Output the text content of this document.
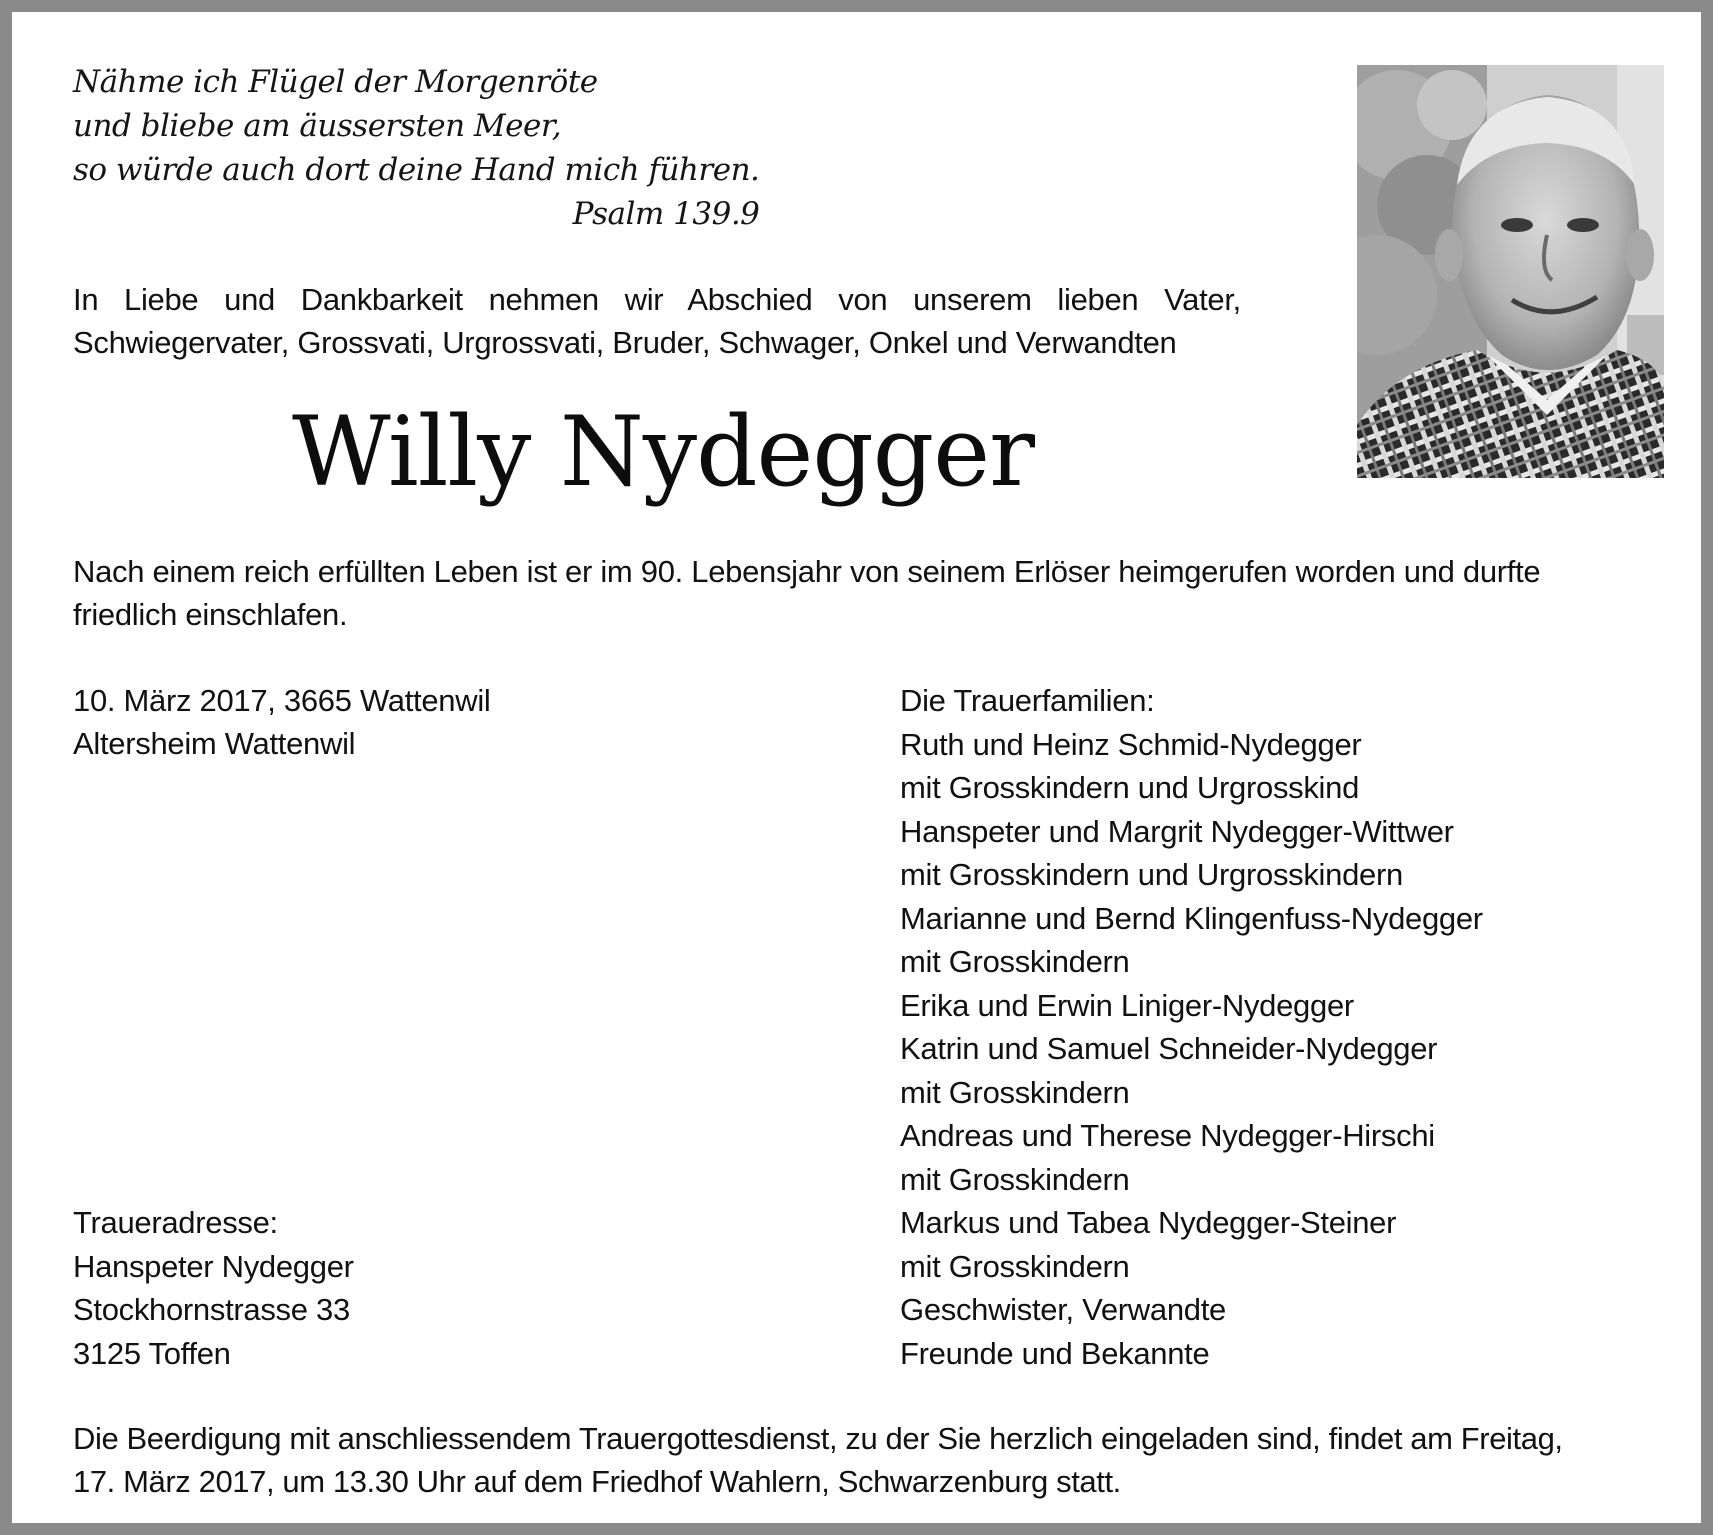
Nähme ich Flügel der Morgenröte
und bliebe am äussersten Meer,
so würde auch dort deine Hand mich führen.
Psalm 139.9
In Liebe und Dankbarkeit nehmen wir Abschied von unserem lieben Vater,
Schwiegervater, Grossvati, Urgrossvati, Bruder, Schwager, Onkel und Verwandten
Willy Nydegger
Nach einem reich erfüllten Leben ist er im 90. Lebensjahr von seinem Erlöser heimgerufen worden und durfte
friedlich einschlafen.
10. März 2017, 3665 Wattenwil
Altersheim Wattenwil
Traueradresse:
Hanspeter Nydegger
Stockhornstrasse 33
3125 Toffen
Die Trauerfamilien:
Ruth und Heinz Schmid-Nydegger
mit Grosskindern und Urgrosskind
Hanspeter und Margrit Nydegger-Wittwer
mit Grosskindern und Urgrosskindern
Marianne und Bernd Klingenfuss-Nydegger
mit Grosskindern
Erika und Erwin Liniger-Nydegger
Katrin und Samuel Schneider-Nydegger
mit Grosskindern
Andreas und Therese Nydegger-Hirschi
mit Grosskindern
Markus und Tabea Nydegger-Steiner
mit Grosskindern
Geschwister, Verwandte
Freunde und Bekannte
Die Beerdigung mit anschliessendem Trauergottesdienst, zu der Sie herzlich eingeladen sind, findet am Freitag,
17. März 2017, um 13.30 Uhr auf dem Friedhof Wahlern, Schwarzenburg statt.
